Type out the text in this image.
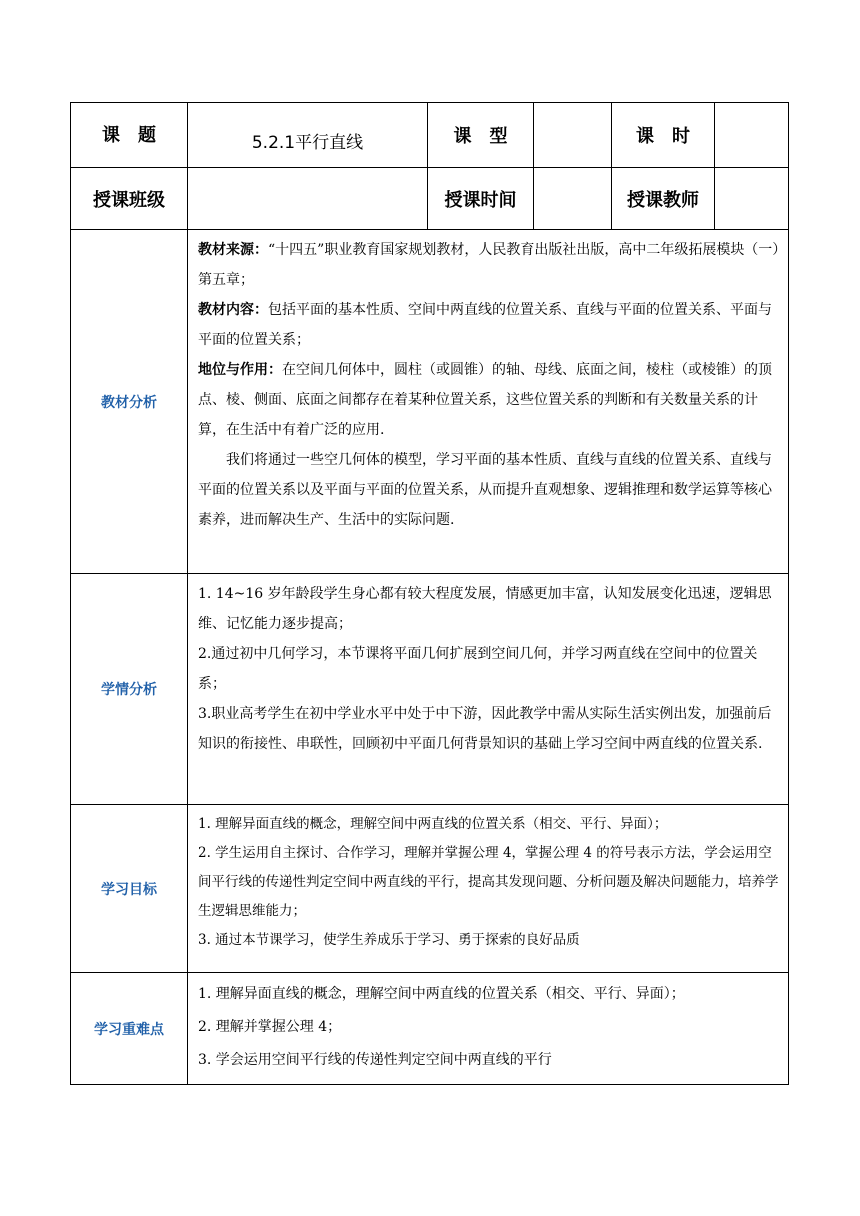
课　题	5.2.1平行直线	课　型		课　时	
授课班级		授课时间		授课教师	
教材分析	教材来源：“十四五”职业教育国家规划教材，人民教育出版社出版，高中二年级拓展模块（一）第五章；

教材内容：包括平面的基本性质、空间中两直线的位置关系、直线与平面的位置关系、平面与平面的位置关系；

地位与作用：在空间几何体中，圆柱（或圆锥）的轴、母线、底面之间，棱柱（或棱锥）的顶点、棱、侧面、底面之间都存在着某种位置关系，这些位置关系的判断和有关数量关系的计算，在生活中有着广泛的应用.

我们将通过一些空几何体的模型，学习平面的基本性质、直线与直线的位置关系、直线与平面的位置关系以及平面与平面的位置关系，从而提升直观想象、逻辑推理和数学运算等核心素养，进而解决生产、生活中的实际问题.				

学情分析	1. 14~16 岁年龄段学生身心都有较大程度发展，情感更加丰富，认知发展变化迅速，逻辑思维、记忆能力逐步提高；

2.通过初中几何学习，本节课将平面几何扩展到空间几何，并学习两直线在空间中的位置关系；

3.职业高考学生在初中学业水平中处于中下游，因此教学中需从实际生活实例出发，加强前后知识的衔接性、串联性，回顾初中平面几何背景知识的基础上学习空间中两直线的位置关系.				

学习目标	1. 理解异面直线的概念，理解空间中两直线的位置关系（相交、平行、异面）；

2. 学生运用自主探讨、合作学习，理解并掌握公理 4，掌握公理 4 的符号表示方法，学会运用空间平行线的传递性判定空间中两直线的平行，提高其发现问题、分析问题及解决问题能力，培养学生逻辑思维能力；

3. 通过本节课学习，使学生养成乐于学习、勇于探索的良好品质				

学习重难点	1. 理解异面直线的概念，理解空间中两直线的位置关系（相交、平行、异面）；

2. 理解并掌握公理 4；

3. 学会运用空间平行线的传递性判定空间中两直线的平行				
